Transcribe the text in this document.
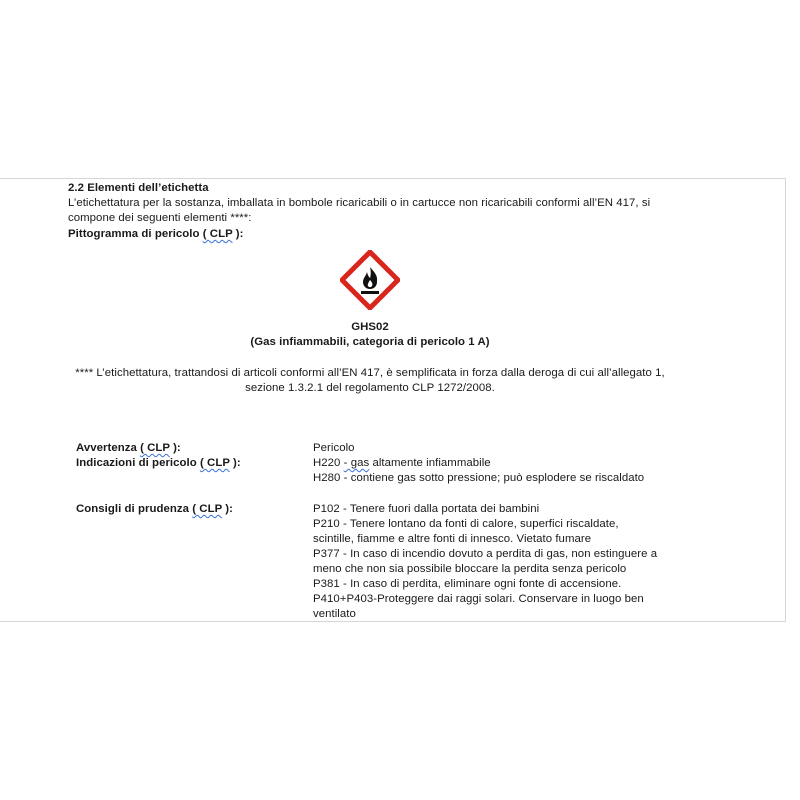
2.2 Elementi dell’etichetta
L’etichettatura per la sostanza, imballata in bombole ricaricabili o in cartucce non ricaricabili conformi all’EN 417, si
compone dei seguenti elementi ****:
Pittogramma di pericolo ( CLP ):
GHS02
(Gas infiammabili, categoria di pericolo 1 A)
**** L’etichettatura, trattandosi di articoli conformi all’EN 417, è semplificata in forza dalla deroga di cui all’allegato 1,
sezione 1.3.2.1 del regolamento CLP 1272/2008.
Avvertenza ( CLP ):	Pericolo
Indicazioni di pericolo ( CLP ):	H220 - gas altamente infiammabile
H280 - contiene gas sotto pressione; può esplodere se riscaldato
Consigli di prudenza ( CLP ):	P102 - Tenere fuori dalla portata dei bambini
P210 - Tenere lontano da fonti di calore, superfici riscaldate,
scintille, fiamme e altre fonti di innesco. Vietato fumare
P377 - In caso di incendio dovuto a perdita di gas, non estinguere a
meno che non sia possibile bloccare la perdita senza pericolo
P381 - In caso di perdita, eliminare ogni fonte di accensione.
P410+P403-Proteggere dai raggi solari. Conservare in luogo ben
ventilato
